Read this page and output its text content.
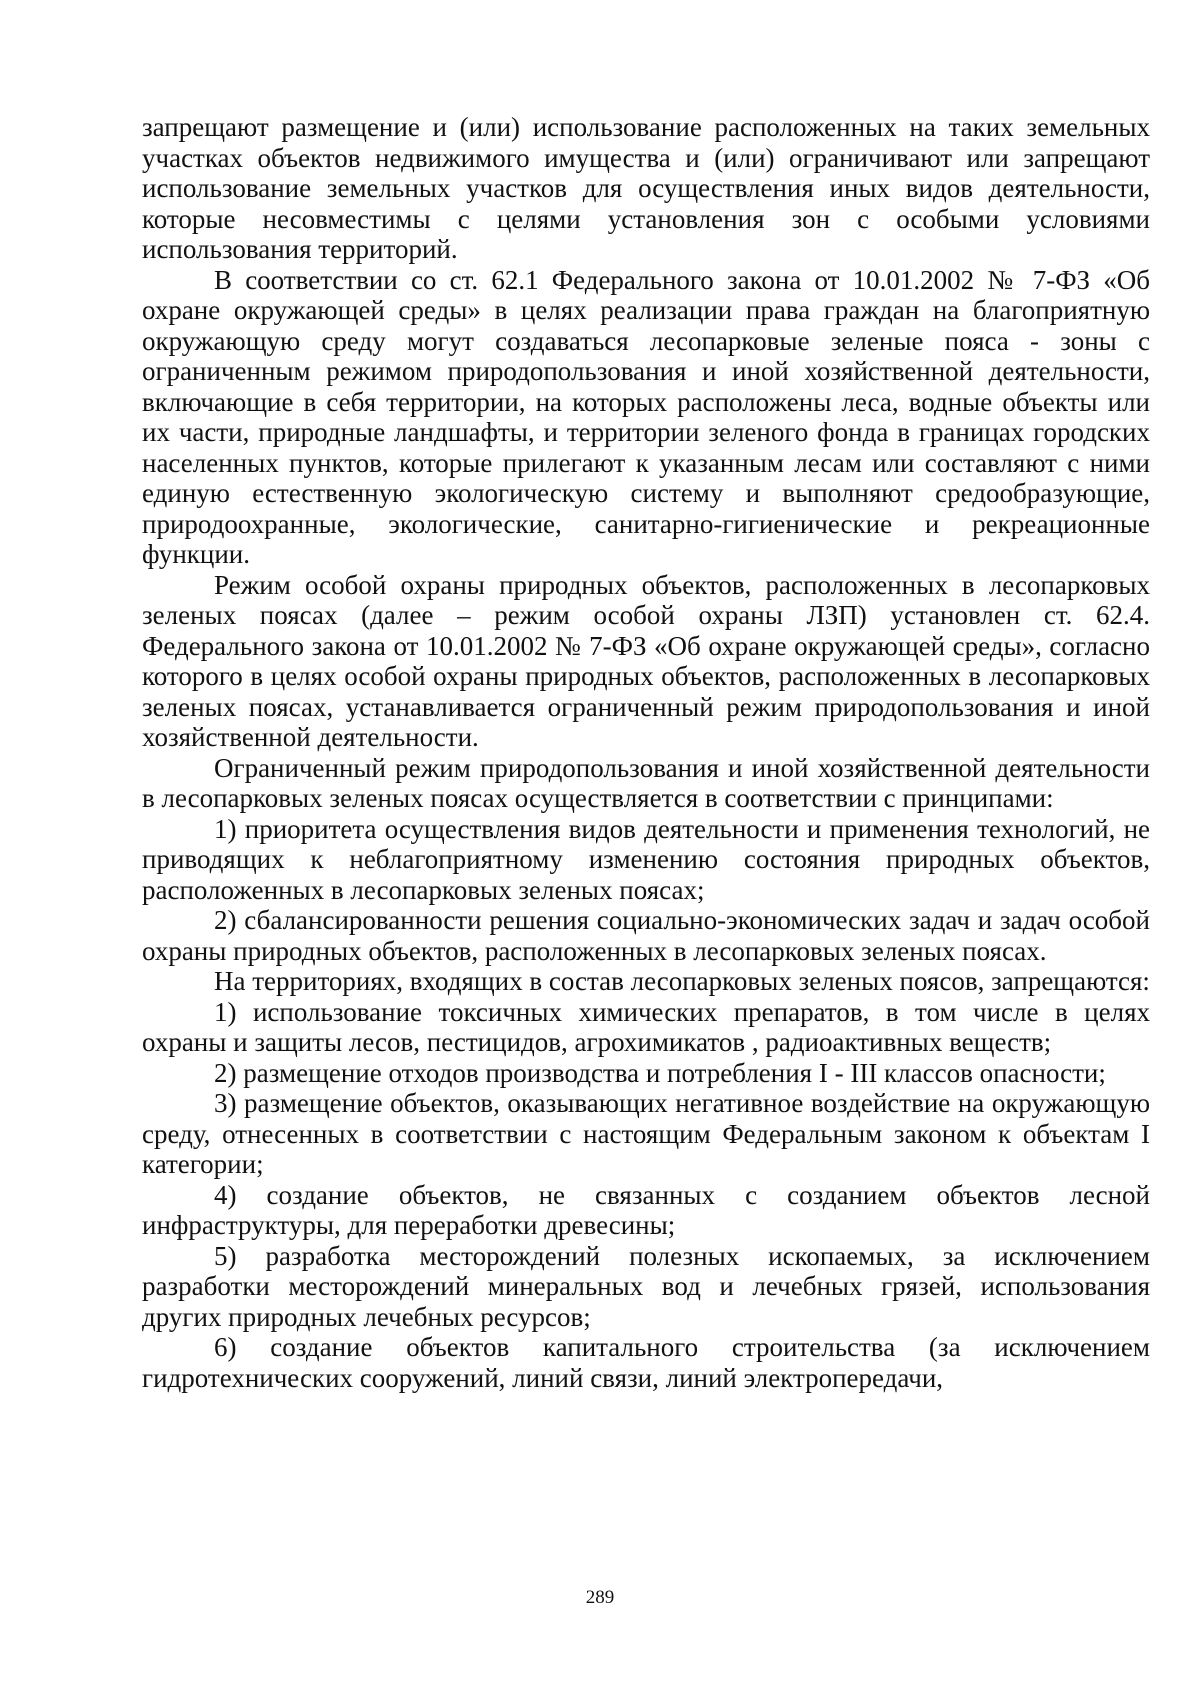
запрещают размещение и (или) использование расположенных на таких земельных участках объектов недвижимого имущества и (или) ограничивают или запрещают использование земельных участков для осуществления иных видов деятельности, которые несовместимы с целями установления зон с особыми условиями использования территорий.

В соответствии со ст. 62.1 Федерального закона от 10.01.2002 № 7-ФЗ «Об охране окружающей среды» в целях реализации права граждан на благоприятную окружающую среду могут создаваться лесопарковые зеленые пояса - зоны с ограниченным режимом природопользования и иной хозяйственной деятельности, включающие в себя территории, на которых расположены леса, водные объекты или их части, природные ландшафты, и территории зеленого фонда в границах городских населенных пунктов, которые прилегают к указанным лесам или составляют с ними единую естественную экологическую систему и выполняют средообразующие, природоохранные, экологические, санитарно-гигиенические и рекреационные функции.

Режим особой охраны природных объектов, расположенных в лесопарковых зеленых поясах (далее – режим особой охраны ЛЗП) установлен ст. 62.4. Федерального закона от 10.01.2002 № 7-ФЗ «Об охране окружающей среды», согласно которого в целях особой охраны природных объектов, расположенных в лесопарковых зеленых поясах, устанавливается ограниченный режим природопользования и иной хозяйственной деятельности.

Ограниченный режим природопользования и иной хозяйственной деятельности в лесопарковых зеленых поясах осуществляется в соответствии с принципами:

1) приоритета осуществления видов деятельности и применения технологий, не приводящих к неблагоприятному изменению состояния природных объектов, расположенных в лесопарковых зеленых поясах;

2) сбалансированности решения социально-экономических задач и задач особой охраны природных объектов, расположенных в лесопарковых зеленых поясах.

На территориях, входящих в состав лесопарковых зеленых поясов, запрещаются:

1) использование токсичных химических препаратов, в том числе в целях охраны и защиты лесов, пестицидов, агрохимикатов , радиоактивных веществ;

2) размещение отходов производства и потребления I - III классов опасности;

3) размещение объектов, оказывающих негативное воздействие на окружающую среду, отнесенных в соответствии с настоящим Федеральным законом к объектам I категории;

4) создание объектов, не связанных с созданием объектов лесной инфраструктуры, для переработки древесины;

5) разработка месторождений полезных ископаемых, за исключением разработки месторождений минеральных вод и лечебных грязей, использования других природных лечебных ресурсов;

6) создание объектов капитального строительства (за исключением гидротехнических сооружений, линий связи, линий электропередачи,

289
